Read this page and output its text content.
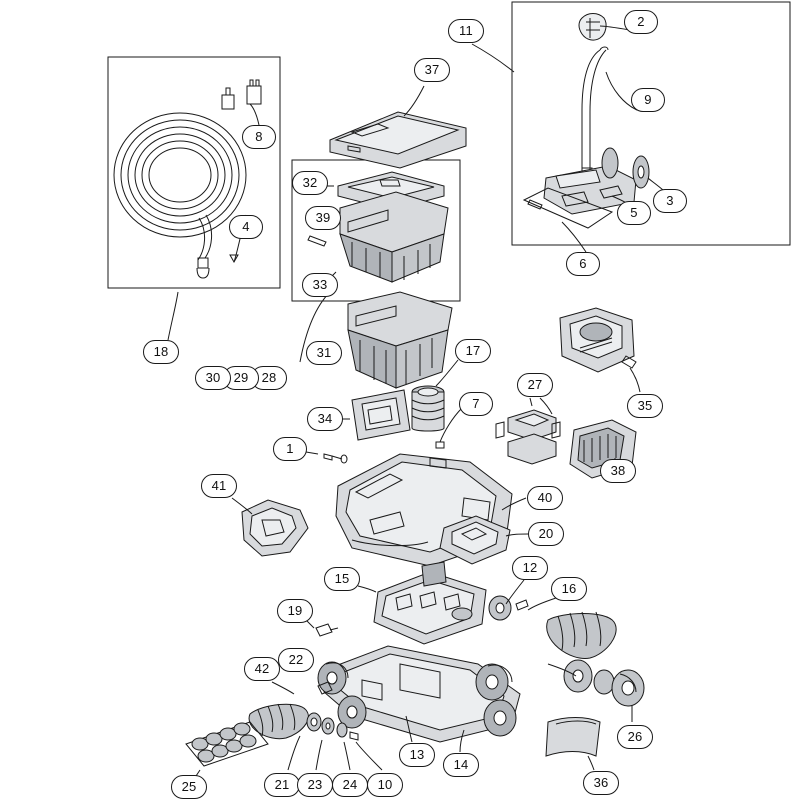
1
2
3
4
5
6
7
8
9
10
11
12
13
14
15
16
17
18
19
20
21
22
23	24
25
26
27
28
29
30
31
32
33
34
35
36
37
38
39
40
41
42
